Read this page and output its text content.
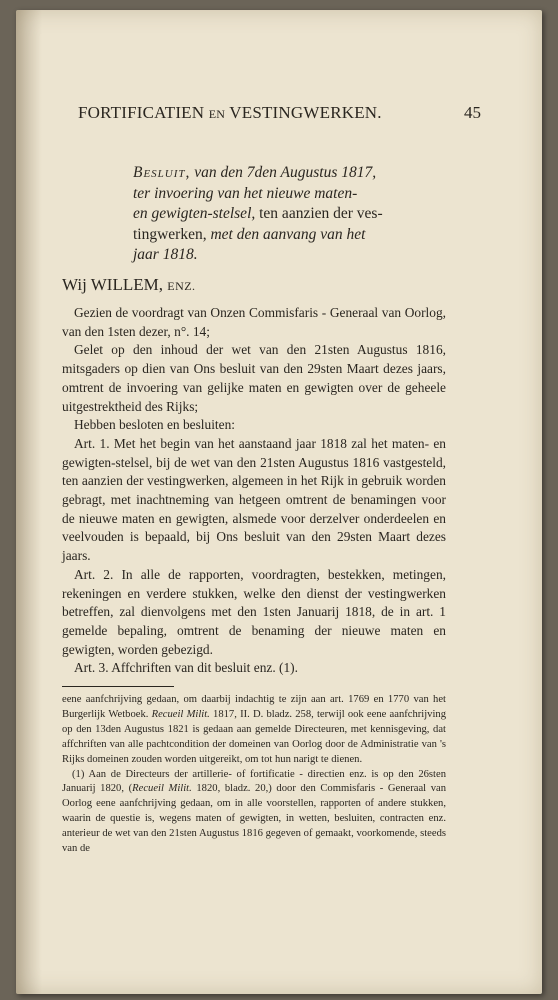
FORTIFICATIEN EN VESTINGWERKEN.	45
Besluit, van den 7den Augustus 1817,
ter invoering van het nieuwe maten-
en gewigten-stelsel, ten aanzien der ves-
tingwerken, met den aanvang van het
jaar 1818.
Wij WILLEM, ENZ.

Gezien de voordragt van Onzen Commisfaris - Generaal van Oorlog, van den 1sten dezer, n°. 14;

Gelet op den inhoud der wet van den 21sten Augustus 1816, mitsgaders op dien van Ons besluit van den 29sten Maart dezes jaars, omtrent de invoering van gelijke maten en gewigten over de geheele uitgestrektheid des Rijks;

Hebben besloten en besluiten:

Art. 1. Met het begin van het aanstaand jaar 1818 zal het maten- en gewigten-stelsel, bij de wet van den 21sten Augustus 1816 vastgesteld, ten aanzien der vestingwerken, algemeen in het Rijk in gebruik worden gebragt, met inachtneming van hetgeen omtrent de benamingen voor de nieuwe maten en gewigten, alsmede voor derzelver onderdeelen en veelvouden is bepaald, bij Ons besluit van den 29sten Maart dezes jaars.

Art. 2. In alle de rapporten, voordragten, bestekken, metingen, rekeningen en verdere stukken, welke den dienst der vestingwerken betreffen, zal dienvolgens met den 1sten Januarij 1818, de in art. 1 gemelde bepaling, omtrent de benaming der nieuwe maten en gewigten, worden gebezigd.

Art. 3. Affchriften van dit besluit enz. (1).

eene aanfchrijving gedaan, om daarbij indachtig te zijn aan art. 1769 en 1770 van het Burgerlijk Wetboek. Recueil Milit. 1817, II. D. bladz. 258, terwijl ook eene aanfchrijving op den 13den Augustus 1821 is gedaan aan gemelde Directeuren, met kennisgeving, dat affchriften van alle pachtcondition der domeinen van Oorlog door de Administratie van 's Rijks domeinen zouden worden uitgereikt, om tot hun narigt te dienen.

(1) Aan de Directeurs der artillerie- of fortificatie - directien enz. is op den 26sten Januarij 1820, (Recueil Milit. 1820, bladz. 20,) door den Commisfaris - Generaal van Oorlog eene aanfchrijving gedaan, om in alle voorstellen, rapporten of andere stukken, waarin de questie is, wegens maten of gewigten, in wetten, besluiten, contracten enz. anterieur de wet van den 21sten Augustus 1816 gegeven of gemaakt, voorkomende, steeds van de
